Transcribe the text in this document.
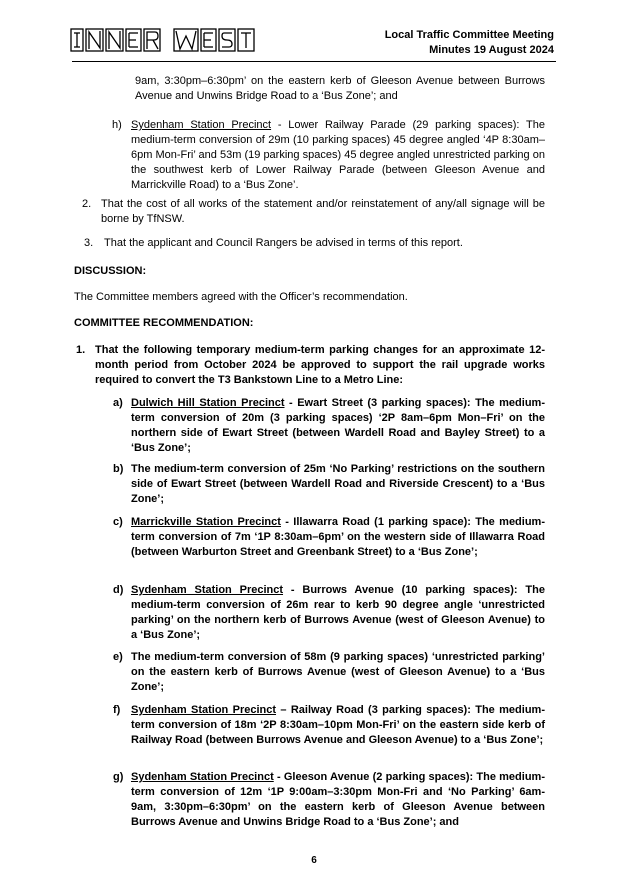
Local Traffic Committee Meeting
Minutes 19 August 2024
9am, 3:30pm–6:30pm’ on the eastern kerb of Gleeson Avenue between Burrows Avenue and Unwins Bridge Road to a ‘Bus Zone’; and
h) Sydenham Station Precinct - Lower Railway Parade (29 parking spaces): The medium-term conversion of 29m (10 parking spaces) 45 degree angled ‘4P 8:30am–6pm Mon-Fri’ and 53m (19 parking spaces) 45 degree angled unrestricted parking on the southwest kerb of Lower Railway Parade (between Gleeson Avenue and Marrickville Road) to a ‘Bus Zone’.
2. That the cost of all works of the statement and/or reinstatement of any/all signage will be borne by TfNSW.
3. That the applicant and Council Rangers be advised in terms of this report.
DISCUSSION:
The Committee members agreed with the Officer’s recommendation.
COMMITTEE RECOMMENDATION:
1. That the following temporary medium-term parking changes for an approximate 12-month period from October 2024 be approved to support the rail upgrade works required to convert the T3 Bankstown Line to a Metro Line:
a) Dulwich Hill Station Precinct - Ewart Street (3 parking spaces): The medium-term conversion of 20m (3 parking spaces) ‘2P 8am–6pm Mon–Fri’ on the northern side of Ewart Street (between Wardell Road and Bayley Street) to a ‘Bus Zone’;
b) The medium-term conversion of 25m ‘No Parking’ restrictions on the southern side of Ewart Street (between Wardell Road and Riverside Crescent) to a ‘Bus Zone’;
c) Marrickville Station Precinct - Illawarra Road (1 parking space): The medium-term conversion of 7m ‘1P 8:30am–6pm’ on the western side of Illawarra Road (between Warburton Street and Greenbank Street) to a ‘Bus Zone’;
d) Sydenham Station Precinct - Burrows Avenue (10 parking spaces): The medium-term conversion of 26m rear to kerb 90 degree angle ‘unrestricted parking’ on the northern kerb of Burrows Avenue (west of Gleeson Avenue) to a ‘Bus Zone’;
e) The medium-term conversion of 58m (9 parking spaces) ‘unrestricted parking’ on the eastern kerb of Burrows Avenue (west of Gleeson Avenue) to a ‘Bus Zone’;
f) Sydenham Station Precinct – Railway Road (3 parking spaces): The medium-term conversion of 18m ‘2P 8:30am–10pm Mon-Fri’ on the eastern side kerb of Railway Road (between Burrows Avenue and Gleeson Avenue) to a ‘Bus Zone’;
g) Sydenham Station Precinct - Gleeson Avenue (2 parking spaces): The medium-term conversion of 12m ‘1P 9:00am–3:30pm Mon-Fri and ‘No Parking’ 6am-9am, 3:30pm–6:30pm’ on the eastern kerb of Gleeson Avenue between Burrows Avenue and Unwins Bridge Road to a ‘Bus Zone’; and
6
